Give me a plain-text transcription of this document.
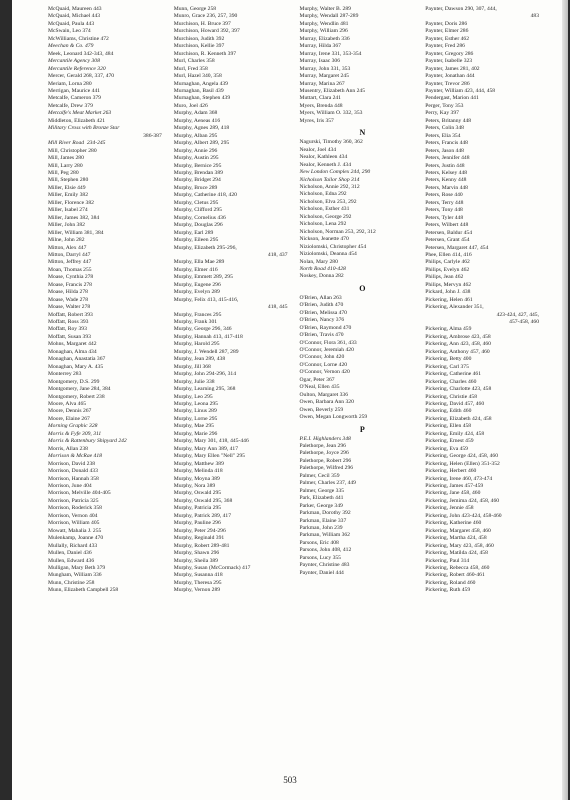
McQuaid, Maureen 443
McQuaid, Michael 443
McQuaid, Paula 443
McSwain, Leo 374
McWilliams, Christine 472
Meechan & Co. 479
Meek, Leonard 342-343, 484
Mercantile Agency 308
Mercantile Reference 320
Mercer, Gerald 268, 337, 470
Meriam, Lorna 280
Merrigan, Maurice 441
Metcalfe, Cameron 379
Metcalfe, Drew 379
Metcalfe's Meat Market 263
Middleton, Elizabeth 421
Military Cross with Bronze Star
386-387
Mill River Road  234-245
Mill, Christopher 280
Mill, James 280
Mill, Larry 280
Mill, Peg 280
Mill, Stephen 280
Miller, Elsie 449
Miller, Emily 382
Miller, Florence 382
Miller, Isabel 274
Miller, James 382, 384
Miller, John 382
Miller, William 381, 384
Milne, John 282
Mitton, Alex 447
Mitton, Darryl 447
Mitton, Jeffrey 447
Moan, Thomas 255
Moase, Cynthia 278
Moase, Francis 278
Moase, Hilda 278
Moase, Wade 278
Moase, Walter 278
Moffatt, Robert 393
Moffatt, Ross 393
Moffatt, Roy 393
Moffatt, Susan 393
Mohns, Margaret 442
Monaghan, Alma 434
Monaghan, Anastatia 367
Monaghan, Mary A. 435
Monterrey 283
Montgomery, D.S. 299
Montgomery, Jane 284, 384
Montgomery, Robert 238
Moore, Alva 465
Moore, Dennis 267
Moore, Elaine 267
Morning Graphic 328
Morris & Fyfe 309, 311
Morris & Rattenbury Shipyard 242
Morris, Allan 238
Morrison & McRae 418
Morrison, David 238
Morrison, Donald 433
Morrison, Hannah 358
Morrison, June 404
Morrison, Melville 404-405
Morrison, Patricia 325
Morrison, Roderick 358
Morrison, Vernon 404
Morrison, William 405
Mowatt, Mahalia J. 255
Mulenkamp, Joanne 470
Mullally, Richard 433
Mullen, Daniel 436
Mullen, Edward 436
Mulligan, Mary Beth 379
Mungham, William 336
Munn, Christine 258
Munn, Elizabeth Campbell 258
Munn, George 258
Munro, Grace 236, 257, 390
Murchison, H. Bruce 397
Murchison, Howard 392, 397
Murchison, Judith 392
Murchison, Kellie 397
Murchison, R. Kenneth 397
Murl, Charles 358
Murl, Fred 358
Murl, Hazel 340, 358
Murnaghan, Angela 439
Murnaghan, Basil 439
Murnaghan, Stephen 439
Muro, Joel 426
Murphy, Adam 368
Murphy, Aeneas 416
Murphy, Agnes 289, 418
Murphy, Alban 295
Murphy, Albert 289, 295
Murphy, Annie 296
Murphy, Austin 295
Murphy, Bernice 295
Murphy, Brendan 389
Murphy, Bridget 294
Murphy, Bruce 289
Murphy, Catherine 418, 420
Murphy, Cletus 295
Murphy, Clifford 295
Murphy, Cornelius 436
Murphy, Douglas 296
Murphy, Earl 289
Murphy, Eileen 295
Murphy, Elizabeth 295-296,
418, 437
Murphy, Ella Mae 289
Murphy, Elmer 416
Murphy, Emmett 289, 295
Murphy, Eugene 296
Murphy, Evelyn 289
Murphy, Felix 413, 415-416,
418, 445
Murphy, Frances 295
Murphy, Frank 301
Murphy, George 296, 346
Murphy, Hannah 413, 417-418
Murphy, Harold 295
Murphy, J. Wendell 287, 289
Murphy, Jean 289, 438
Murphy, Jill 368
Murphy, John 294-296, 314
Murphy, Julie 338
Murphy, Learning 295, 368
Murphy, Leo 295
Murphy, Leona 295
Murphy, Linus 289
Murphy, Lorne 295
Murphy, Mae 295
Murphy, Marie 296
Murphy, Mary 301, 418, 445-446
Murphy, Mary Ann 389, 417
Murphy, Mary Ellen "Nell" 295
Murphy, Matthew 389
Murphy, Melinda 418
Murphy, Moyna 389
Murphy, Nora 389
Murphy, Oswald 295
Murphy, Oswald 295, 368
Murphy, Patricia 295
Murphy, Patrick 289, 417
Murphy, Pauline 296
Murphy, Peter 294-296
Murphy, Reginald 391
Murphy, Robert 289-481
Murphy, Shawn 296
Murphy, Sheila 389
Murphy, Susan (McCormack) 417
Murphy, Susanna 418
Murphy, Theresa 295
Murphy, Vernon 289
Murphy, Walter B. 289
Murphy, Wendall 287-289
Murphy, Wendlin 481
Murphy, William 296
Murray, Elizabeth 336
Murray, Hilda 367
Murray, Irene 331, 353-354
Murray, Isaac 306
Murray, John 331, 353
Murray, Margaret 245
Murray, Marina 267
Musentry, Elizabeth Ann 245
Muttart, Clara 241
Myers, Brenda 448
Myers, William O. 332, 353
Myres, Iris 357
N
Nagurski, Timothy 360, 362
Nealor, Joel 434
Nealor, Kathleen 434
Nealor, Kenneth J. 434
New London Complex 244, 290
Nicholson Tailor Shop 314
Nicholson, Annie 292, 312
Nicholson, Edna 292
Nicholson, Elva 253, 292
Nicholson, Esther 431
Nicholson, George 292
Nicholson, Lena 292
Nicholson, Norman 253, 292, 312
Nickson, Jeanette 470
Niziolomski, Christopher 454
Niziolomski, Deanna 454
Nolan, Mary 280
North Road 410-428
Noskey, Donna 282
O
O'Brien, Allan 263
O'Brien, Judith 470
O'Brien, Melissa 470
O'Brien, Nancy 376
O'Brien, Raymond 470
O'Brien, Travis 470
O'Connor, Flora 361, 433
O'Connor, Jeremiah 420
O'Connor, John 420
O'Connor, Lorne 420
O'Connor, Vernon 420
Ogar, Peter 367
O'Neal, Ellen 435
Oulton, Margaret 336
Owen, Barbara Ann 320
Owen, Beverly 259
Owen, Megan Longworth 259
P
P.E.I. Highlanders 348
Palethorpe, Jean 296
Palethorpe, Joyce 296
Palethorpe, Robert 296
Palethorpe, Wilfred 296
Palmer, Cecil 359
Palmer, Charles 237, 449
Palmer, George 335
Park, Elizabeth 441
Parker, George 349
Parkman, Dorothy 392
Parkman, Elaine 337
Parkman, John 239
Parkman, William 362
Parsons, Eric 408
Parsons, John 408, 412
Parsons, Lucy 355
Paynter, Christine 483
Paynter, Daniel 444
Paynter, Dawson 290, 307, 444,
483
Paynter, Doris 286
Paynter, Elmer 286
Paynter, Esther 462
Paynter, Fred 286
Paynter, Gregory 286
Paynter, Isabelle 323
Paynter, James 281, 402
Paynter, Jonathan 444
Paynter, Trevor 286
Paynter, William 423, 444, 458
Pendergast, Marion 441
Perger, Tony 353
Perry, Kay 397
Peters, Britanny 448
Peters, Colin 348
Peters, Elia 354
Peters, Francis 448
Peters, Jason 448
Peters, Jennifer 448
Peters, Justin 448
Peters, Kelsey 448
Peters, Kenny 448
Peters, Marvin 448
Peters, Rose 440
Peters, Terry 448
Peters, Tony 448
Peters, Tyler 448
Peters, Wilbert 448
Petersen, Baldur 454
Petersen, Grant 454
Petersen, Margaret 447, 454
Phee, Ellen 414, 416
Philips, Carlyle 462
Philips, Evelyn 462
Philips, Jean 462
Philips, Mervyn 462
Pickard, John J. 438
Pickering, Helen 461
Pickering, Alexander 351,
423-424, 427, 445,
457-458, 460
Pickering, Alma 459
Pickering, Ambrose 423, 458
Pickering, Ann 423, 458, 460
Pickering, Anthony 457, 460
Pickering, Betty 400
Pickering, Carl 375
Pickering, Catherine 461
Pickering, Charles 460
Pickering, Charlotte 423, 458
Pickering, Christie 458
Pickering, David 457, 460
Pickering, Edith 460
Pickering, Elizabeth 424, 458
Pickering, Ellen 458
Pickering, Emily 424, 458
Pickering, Ernest 459
Pickering, Eva 459
Pickering, George 424, 458, 460
Pickering, Helen (Ellen) 351-352
Pickering, Herbert 460
Pickering, Irene 460, 473-474
Pickering, James 457-459
Pickering, Jane 458, 460
Pickering, Jemima 424, 458, 460
Pickering, Jennie 458
Pickering, John 423-424, 458-460
Pickering, Katherine 460
Pickering, Margaret 458, 460
Pickering, Martha 424, 458
Pickering, Mary 423, 458, 460
Pickering, Matilda 424, 458
Pickering, Paul 314
Pickering, Rebecca 458, 460
Pickering, Robert 460-461
Pickering, Roland 460
Pickering, Ruth 459
503
